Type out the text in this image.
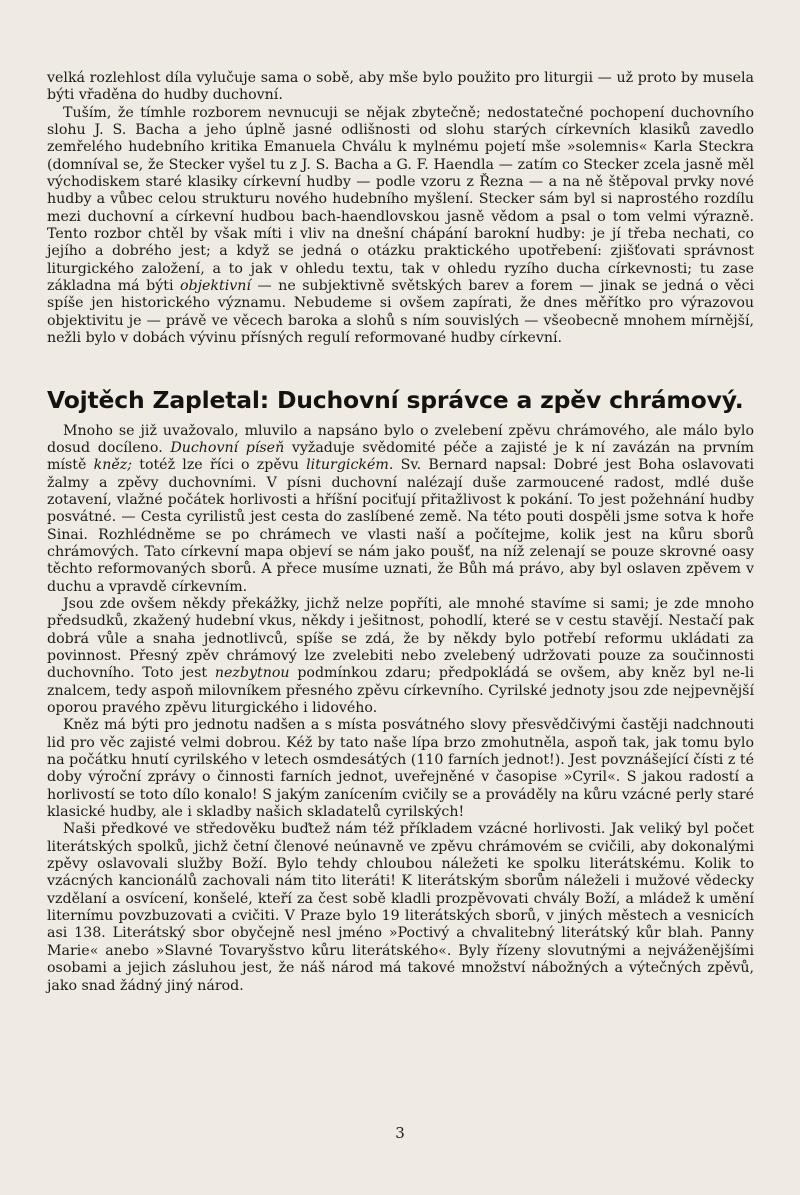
velká rozlehlost díla vylučuje sama o sobě, aby mše bylo použito pro liturgii — už proto by musela býti vřaděna do hudby duchovní.

Tuším, že tímhle rozborem nevnucuji se nějak zbytečně; nedostatečné pochopení duchovního slohu J. S. Bacha a jeho úplně jasné odlišnosti od slohu starých církevních klasiků zavedlo zemřelého hudebního kritika Emanuela Chválu k mylnému pojetí mše »solemnis« Karla Steckra (domníval se, že Stecker vyšel tu z J. S. Bacha a G. F. Haendla — zatím co Stecker zcela jasně měl východiskem staré klasiky církevní hudby — podle vzoru z Řezna — a na ně štěpoval prvky nové hudby a vůbec celou strukturu nového hudebního myšlení. Stecker sám byl si naprostého rozdílu mezi duchovní a církevní hudbou bach-haendlovskou jasně vědom a psal o tom velmi výrazně. Tento rozbor chtěl by však míti i vliv na dnešní chápání barokní hudby: je jí třeba nechati, co jejího a dobrého jest; a když se jedná o otázku praktického upotřebení: zjišťovati správnost liturgického založení, a to jak v ohledu textu, tak v ohledu ryzího ducha církevnosti; tu zase základna má býti objektivní — ne subjektivně světských barev a forem — jinak se jedná o věci spíše jen historického významu. Nebudeme si ovšem zapírati, že dnes měřítko pro výrazovou objektivitu je — právě ve věcech baroka a slohů s ním souvislých — všeobecně mnohem mírnější, nežli bylo v dobách vývinu přísných regulí reformované hudby církevní.

Vojtěch Zapletal: Duchovní správce a zpěv chrámový.

Mnoho se již uvažovalo, mluvilo a napsáno bylo o zvelebení zpěvu chrámového, ale málo bylo dosud docíleno. Duchovní píseň vyžaduje svědomité péče a zajisté je k ní zavázán na prvním místě kněz; totéž lze říci o zpěvu liturgickém. Sv. Bernard napsal: Dobré jest Boha oslavovati žalmy a zpěvy duchovními. V písni duchovní nalézají duše zarmoucené radost, mdlé duše zotavení, vlažné počátek horlivosti a hříšní pociťují přitažlivost k pokání. To jest požehnání hudby posvátné. — Cesta cyrilistů jest cesta do zaslíbené země. Na této pouti dospěli jsme sotva k hoře Sinai. Rozhlédněme se po chrámech ve vlasti naší a počítejme, kolik jest na kůru sborů chrámových. Tato církevní mapa objeví se nám jako poušť, na níž zelenají se pouze skrovné oasy těchto reformovaných sborů. A přece musíme uznati, že Bůh má právo, aby byl oslaven zpěvem v duchu a vpravdě církevním.

Jsou zde ovšem někdy překážky, jichž nelze popříti, ale mnohé stavíme si sami; je zde mnoho předsudků, zkažený hudební vkus, někdy i ješitnost, pohodlí, které se v cestu stavějí. Nestačí pak dobrá vůle a snaha jednotlivců, spíše se zdá, že by někdy bylo potřebí reformu ukládati za povinnost. Přesný zpěv chrámový lze zvelebiti nebo zvelebený udržovati pouze za součinnosti duchovního. Toto jest nezbytnou podmínkou zdaru; předpokládá se ovšem, aby kněz byl ne-li znalcem, tedy aspoň milovníkem přesného zpěvu církevního. Cyrilské jednoty jsou zde nejpevnější oporou pravého zpěvu liturgického i lidového.

Kněz má býti pro jednotu nadšen a s místa posvátného slovy přesvědčivými častěji nadchnouti lid pro věc zajisté velmi dobrou. Kéž by tato naše lípa brzo zmohutněla, aspoň tak, jak tomu bylo na počátku hnutí cyrilského v letech osmdesátých (110 farních jednot!). Jest povznášející čísti z té doby výroční zprávy o činnosti farních jednot, uveřejněné v časopise »Cyril«. S jakou radostí a horlivostí se toto dílo konalo! S jakým zanícením cvičily se a prováděly na kůru vzácné perly staré klasické hudby, ale i skladby našich skladatelů cyrilských!

Naši předkové ve středověku buďtež nám též příkladem vzácné horlivosti. Jak veliký byl počet literátských spolků, jichž četní členové neúnavně ve zpěvu chrámovém se cvičili, aby dokonalými zpěvy oslavovali služby Boží. Bylo tehdy chloubou náležeti ke spolku literátskému. Kolik to vzácných kancionálů zachovali nám tito literáti! K literátským sborům náleželi i mužové vědecky vzdělaní a osvícení, konšelé, kteří za čest sobě kladli prozpěvovati chvály Boží, a mládež k umění liternímu povzbuzovati a cvičiti. V Praze bylo 19 literátských sborů, v jiných městech a vesnicích asi 138. Literátský sbor obyčejně nesl jméno »Poctivý a chvalitebný literátský kůr blah. Panny Marie« anebo »Slavné Tovaryšstvo kůru literátského«. Byly řízeny slovutnými a nejváženějšími osobami a jejich zásluhou jest, že náš národ má takové množství nábožných a výtečných zpěvů, jako snad žádný jiný národ.

3
